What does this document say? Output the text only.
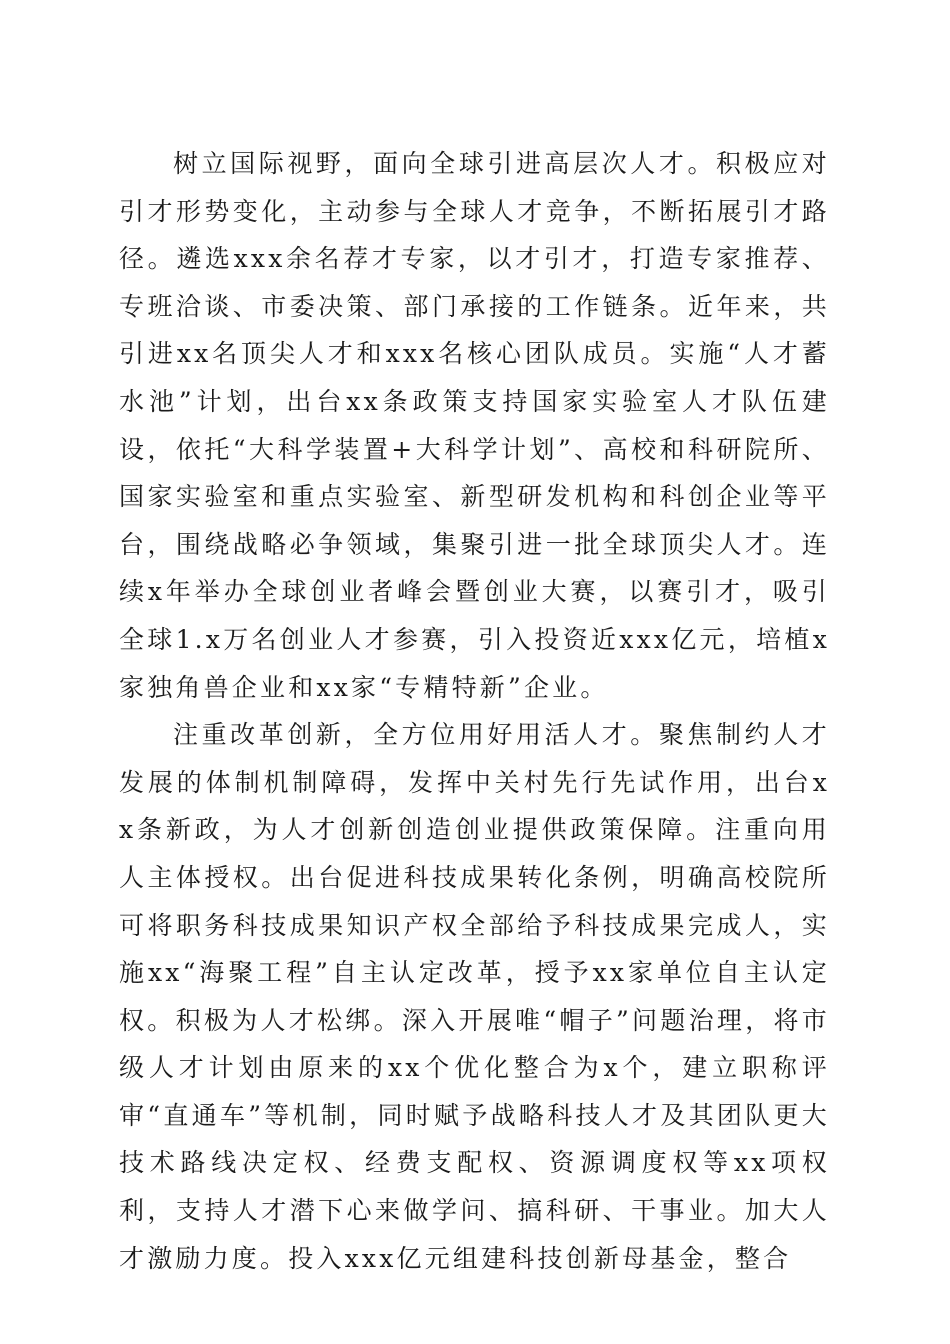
树立国际视野，面向全球引进高层次人才。积极应对引才形势变化，主动参与全球人才竞争，不断拓展引才路径。遴选xxx余名荐才专家，以才引才，打造专家推荐、专班洽谈、市委决策、部门承接的工作链条。近年来，共引进xx名顶尖人才和xxx名核心团队成员。实施“人才蓄水池”计划，出台xx条政策支持国家实验室人才队伍建设，依托“大科学装置+大科学计划”、高校和科研院所、国家实验室和重点实验室、新型研发机构和科创企业等平台，围绕战略必争领域，集聚引进一批全球顶尖人才。连续x年举办全球创业者峰会暨创业大赛，以赛引才，吸引全球1.x万名创业人才参赛，引入投资近xxx亿元，培植x家独角兽企业和xx家“专精特新”企业。

注重改革创新，全方位用好用活人才。聚焦制约人才发展的体制机制障碍，发挥中关村先行先试作用，出台xx条新政，为人才创新创造创业提供政策保障。注重向用人主体授权。出台促进科技成果转化条例，明确高校院所可将职务科技成果知识产权全部给予科技成果完成人，实施xx“海聚工程”自主认定改革，授予xx家单位自主认定权。积极为人才松绑。深入开展唯“帽子”问题治理，将市级人才计划由原来的xx个优化整合为x个，建立职称评审“直通车”等机制，同时赋予战略科技人才及其团队更大技术路线决定权、经费支配权、资源调度权等xx项权利，支持人才潜下心来做学问、搞科研、干事业。加大人才激励力度。投入xxx亿元组建科技创新母基金，整合
